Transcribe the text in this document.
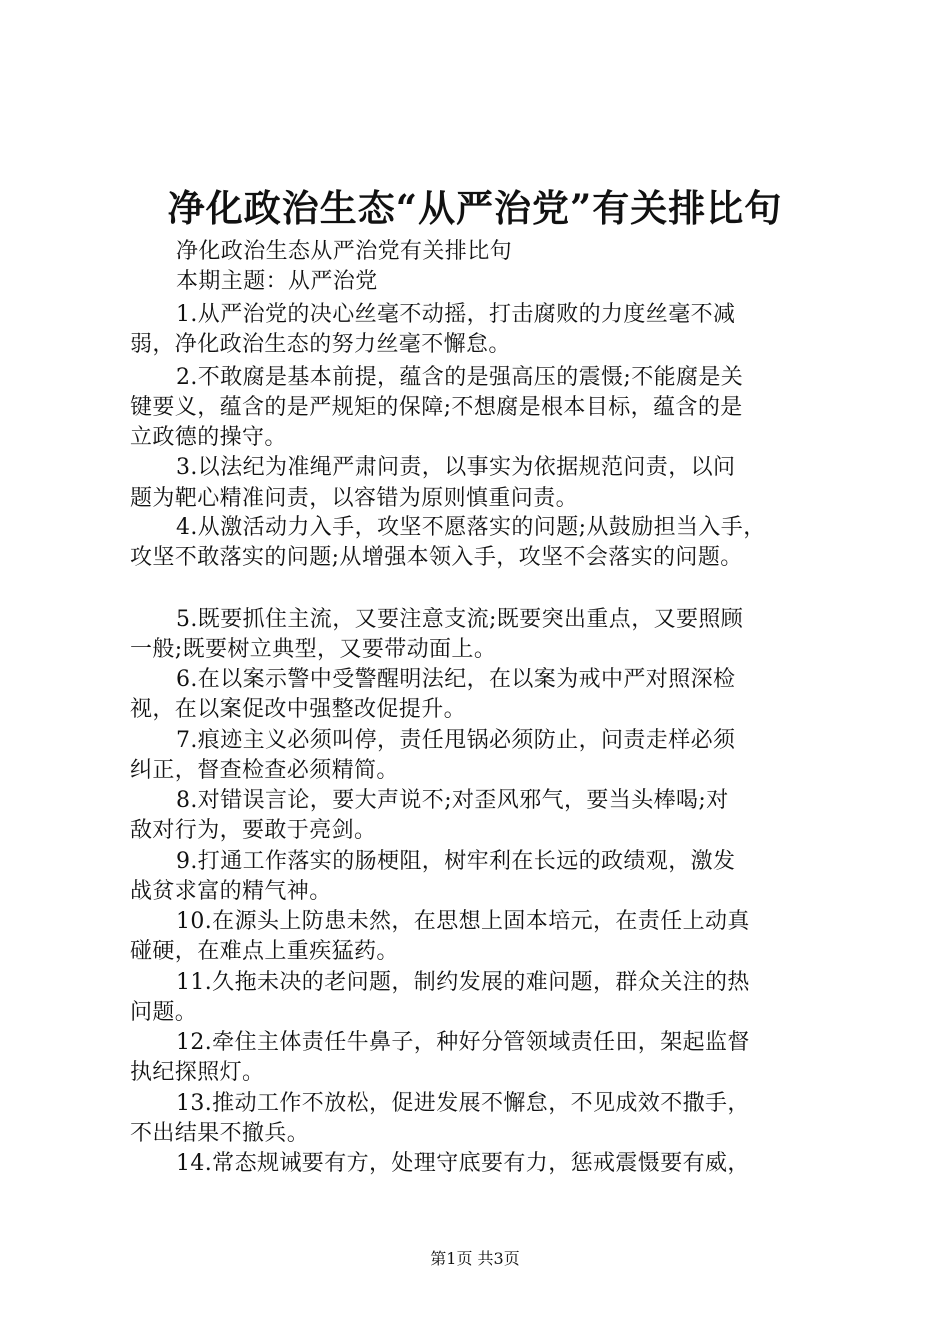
净化政治生态“从严治党”有关排比句
净化政治生态从严治党有关排比句
本期主题：从严治党
1.从严治党的决心丝毫不动摇，打击腐败的力度丝毫不减
弱，净化政治生态的努力丝毫不懈怠。
2.不敢腐是基本前提，蕴含的是强高压的震慑;不能腐是关
键要义，蕴含的是严规矩的保障;不想腐是根本目标，蕴含的是
立政德的操守。
3.以法纪为准绳严肃问责，以事实为依据规范问责，以问
题为靶心精准问责，以容错为原则慎重问责。
4.从激活动力入手，攻坚不愿落实的问题;从鼓励担当入手，
攻坚不敢落实的问题;从增强本领入手，攻坚不会落实的问题。
5.既要抓住主流，又要注意支流;既要突出重点，又要照顾
一般;既要树立典型，又要带动面上。
6.在以案示警中受警醒明法纪，在以案为戒中严对照深检
视，在以案促改中强整改促提升。
7.痕迹主义必须叫停，责任甩锅必须防止，问责走样必须
纠正，督查检查必须精简。
8.对错误言论，要大声说不;对歪风邪气，要当头棒喝;对
敌对行为，要敢于亮剑。
9.打通工作落实的肠梗阻，树牢利在长远的政绩观，激发
战贫求富的精气神。
10.在源头上防患未然，在思想上固本培元，在责任上动真
碰硬，在难点上重疾猛药。
11.久拖未决的老问题，制约发展的难问题，群众关注的热
问题。
12.牵住主体责任牛鼻子，种好分管领域责任田，架起监督
执纪探照灯。
13.推动工作不放松，促进发展不懈怠，不见成效不撒手，
不出结果不撤兵。
14.常态规诫要有方，处理守底要有力，惩戒震慑要有威，
第1页 共3页
